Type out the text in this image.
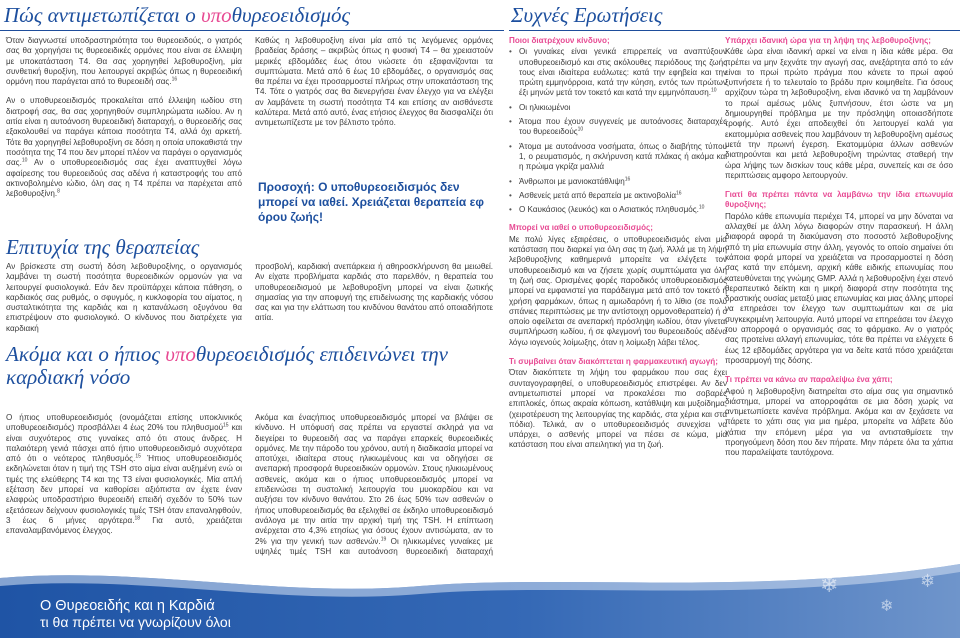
Πώς αντιμετωπίζεται ο υποθυρεοειδισμός

Όταν διαγνωστεί υποδραστηριότητα του θυρεοειδούς, ο γιατρός σας θα χορηγήσει τις θυρεοειδικές ορμόνες που είναι σε έλλειψη με υποκατάσταση T4. Θα σας χορηγηθεί λεβοθυροξίνη, μία συνθετική θυροξίνη, που λειτουργεί ακριβώς όπως η θυρεοειδική ορμόνη που παράγεται από το θυρεοειδή σας.$^{16}$

Αν ο υποθυρεοειδισμός προκαλείται από έλλειψη ιωδίου στη διατροφή σας, θα σας χορηγηθούν συμπληρώματα ιωδίου. Αν η αιτία είναι η αυτοάνοση θυρεοειδική διαταραχή, ο θυρεοειδής σας εξακολουθεί να παράγει κάποια ποσότητα T4, αλλά όχι αρκετή. Τότε θα χορηγηθεί λεβοθυροξίνη σε δόση η οποία υποκαθιστά την ποσότητα της T4 που δεν μπορεί πλέον να παράγει ο οργανισμός σας.$^{10}$ Αν ο υποθυρεοειδισμός σας έχει αναπτυχθεί λόγω αφαίρεσης του θυρεοειδούς σας αδένα ή καταστροφής του από ακτινοβολημένο ιώδιο, όλη σας η T4 πρέπει να παρέχεται από λεβοθυροξίνη.$^8$

Καθώς η λεβοθυροξίνη είναι μία από τις λεγόμενες ορμόνες βραδείας δράσης – ακριβώς όπως η φυσική T4 – θα χρειαστούν μερικές εβδομάδες έως ότου νιώσετε ότι εξαφανίζονται τα συμπτώματα. Μετά από 6 έως 10 εβδομάδες, ο οργανισμός σας θα πρέπει να έχει προσαρμοστεί πλήρως στην υποκατάσταση της T4. Τότε ο γιατρός σας θα διενεργήσει έναν έλεγχο για να ελέγξει αν λαμβάνετε τη σωστή ποσότητα T4 και επίσης αν αισθάνεστε καλύτερα. Μετά από αυτό, ένας ετήσιος έλεγχος θα διασφαλίζει ότι αντιμετωπίζεστε με τον βέλτιστο τρόπο.

Προσοχή: Ο υποθυρεοειδισμός δεν μπορεί να ιαθεί. Χρειάζεται θεραπεία εφ όρου ζωής!
Επιτυχία της θεραπείας

Αν βρίσκεστε στη σωστή δόση λεβοθυροξίνης, ο οργανισμός λαμβάνει τη σωστή ποσότητα θυρεοειδικών ορμονών για να λειτουργεί φυσιολογικά. Εάν δεν προϋπάρχει κάποια πάθηση, ο καρδιακός σας ρυθμός, ο σφυγμός, η κυκλοφορία του αίματος, η συσταλτικότητα της καρδιάς και η κατανάλωση οξυγόνου θα επιστρέψουν στο φυσιολογικό. Ο κίνδυνος που διατρέχετε για καρδιακή

προσβολή, καρδιακή ανεπάρκεια ή αθηροσκλήρυνση θα μειωθεί. Αν είχατε προβλήματα καρδιάς στο παρελθόν, η θεραπεία του υποθυρεοειδισμού με λεβοθυροξίνη μπορεί να είναι ζωτικής σημασίας για την αποφυγή της επιδείνωσης της καρδιακής νόσου σας και για την ελάττωση του κινδύνου θανάτου από οποιαδήποτε αιτία.

Ακόμα και ο ήπιος υποθυρεοειδισμός επιδεινώνει την καρδιακή νόσο

Ο ήπιος υποθυρεοειδισμός (ονομάζεται επίσης υποκλινικός υποθυρεοειδισμός) προσβάλλει 4 έως 20% του πληθυσμού$^{15}$ και είναι συχνότερος στις γυναίκες από ότι στους άνδρες. Η παλαιότερη γενιά πάσχει από ήπιο υποθυρεοειδισμό συχνότερα από ότι ο νεότερος πληθυσμός.$^{15}$ Ήπιος υποθυρεοειδισμός εκδηλώνεται όταν η τιμή της TSH στο αίμα είναι αυξημένη ενώ οι τιμές της ελεύθερης T4 και της T3 είναι φυσιολογικές. Μία απλή εξέταση δεν μπορεί να καθορίσει αξιόπιστα αν έχετε έναν ελαφρώς υποδραστήριο θυρεοειδή επειδή σχεδόν το 50% των εξετάσεων δείχνουν φυσιολογικές τιμές TSH όταν επαναληφθούν, 3 έως 6 μήνες αργότερα.$^{18}$ Για αυτό, χρειάζεται επαναλαμβανόμενος έλεγχος.

Ακόμα και έναςήπιος υποθυρεοειδισμός μπορεί να βλάψει σε κίνδυνο. Η υπόφυσή σας πρέπει να εργαστεί σκληρά για να διεγείρει το θυρεοειδή σας να παράγει επαρκείς θυρεοειδικές ορμόνες. Με την πάροδο του χρόνου, αυτή η διαδικασία μπορεί να αποτύχει, ιδιαίτερα στους ηλικιωμένους και να οδηγήσει σε ανεπαρκή προσφορά θυρεοειδικών ορμονών. Στους ηλικιωμένους ασθενείς, ακόμα και ο ήπιος υποθυρεοειδισμός μπορεί να επιδεινώσει τη συστολική λειτουργία του μυοκαρδίου και να αυξήσει τον κίνδυνο θανάτου. Στο 26 έως 50% των ασθενών ο ήπιος υποθυρεοειδισμός θα εξελιχθεί σε έκδηλο υποθυρεοειδισμό ανάλογα με την αιτία την αρχική τιμή της TSH. Η επίπτωση ανέρχεται στο 4,3% ετησίως για όσους έχουν αντισώματα, αν το 2% για την γενική των ασθενών.$^{19}$ Οι ηλικιωμένες γυναίκες με υψηλές τιμές TSH και αυτοάνοση θυρεοειδική διαταραχή

Συχνές Ερωτήσεις
Ποιοι διατρέχουν κίνδυνο;
• Οι γυναίκες είναι γενικά επιρρεπείς να αναπτύξουν υποθυρεοειδισμό και στις ακόλουθες περιόδους της ζωής τους είναι ιδιαίτερα ευάλωτες: κατά την εφηβεία και την πρώτη εμμηνόρροια, κατά την κύηση, εντός των πρώτων έξι μηνών μετά τον τοκετό και κατά την εμμηνόπαυση.$^{10}$
• Οι ηλικιωμένοι
• Άτομα που έχουν συγγενείς με αυτοάνοσες διαταραχές του θυρεοειδούς$^{10}$
• Άτομα με αυτοάνοσα νοσήματα, όπως ο διαβήτης τύπου 1, ο ρευματισμός, η σκλήρυνση κατά πλάκας ή ακόμα και η πρώιμα γκρίζα μαλλιά
• Άνθρωποι με μανιοκατάθλιψη$^{16}$
• Ασθενείς μετά από θεραπεία με ακτινοβολία$^{16}$
• Ο Καυκάσιος (λευκός) και ο Ασιατικός πληθυσμός.$^{10}$
Μπορεί να ιαθεί ο υποθυρεοειδισμός;

Με πολύ λίγες εξαιρέσεις, ο υποθυρεοειδισμός είναι μία κατάσταση που διαρκεί για όλη σας τη ζωή. Άλλά με τη λήψη λεβοθυροξίνης καθημερινά μπορείτε να ελέγξετε τον υποθυρεοειδισμό και να ζήσετε χωρίς συμπτώματα για όλη τη ζωή σας. Ορισμένες φορές παροδικός υποθυρεοειδισμός μπορεί να εμφανιστεί για παράδειγμα μετά από τον τοκετό ή χρήση φαρμάκων, όπως η αμιωδαρόνη ή το λίθιο (σε πολύ σπάνιες περιπτώσεις με την αντίστοιχη ορμονοθεραπεία) ή ο οποίο οφείλεται σε ανεπαρκή πρόσληψη ιωδίου, όταν γίνεται συμπλήρωση ιωδίου, ή σε φλεγμονή του θυρεοειδούς αδένα λόγω ιογενούς λοίμωξης, όταν η λοίμωξη λάβει τέλος.

Τι συμβαίνει όταν διακόπτεται η φαρμακευτική αγωγή;

Όταν διακόπτετε τη λήψη του φαρμάκου που σας έχει συνταγογραφηθεί, ο υποθυρεοειδισμός επιστρέφει. Αν δεν αντιμετωπιστεί μπορεί να προκαλέσει πιο σοβαρές επιπλοκές, όπως ακραία κόπωση, κατάθλιψη και μυξοίδημα, (χειροτέρευση της λειτουργίας της καρδιάς, στα χέρια και στα πόδια). Τελικά, αν ο υποθυρεοειδισμός συνεχίσει να υπάρχει, ο ασθενής μπορεί να πέσει σε κώμα, μία κατάσταση που είναι απειλητική για τη ζωή.

Υπάρχει ιδανική ώρα για τη λήψη της λεβοθυροξίνης;

Κάθε ώρα είναι ιδανική αρκεί να είναι η ίδια κάθε μέρα. Θα πρέπει να μην ξεχνάτε την αγωγή σας, ανεξάρτητα από το εάν είναι το πρωί πρώτο πράγμα που κάνετε το πρωί αφού ξυπνήσετε ή το τελευταίο το βράδυ πριν κοιμηθείτε. Για όσους αρχίζουν τώρα τη λεβοθυροξίνη, είναι ιδανικό να τη λαμβάνουν το πρωί αμέσως μόλις ξυπνήσουν, έτσι ώστε να μη δημιουργηθεί πρόβλημα με την πρόσληψη οποιασδήποτε τροφής. Αυτό έχει αποδειχθεί ότι λειτουργεί καλά για εκατομμύρια ασθενείς που λαμβάνουν τη λεβοθυροξίνη αμέσως μετά την πρωινή έγερση. Εκατομμύρια άλλων ασθενών διατηρούνται και μετά λεβοθυροξίνη τηρώντας σταθερή την ώρα λήψης των δισκίων τους κάθε μέρα, συνεπείς και σε όσο περιπτώσεις αμφορο λειτουργούν.

Γιατί θα πρέπει πάντα να λαμβάνω την ίδια επωνυμία θυροξίνης;

Παρόλο κάθε επωνυμία περιέχει T4, μπορεί να μην δύναται να αλλαχθεί με άλλη λόγω διαφορών στην παρασκευή. Η άλλη διαφορά αφορά τη διακύμανση στο ποσοστό λεβοθυροξίνης από τη μία επωνυμία στην άλλη, γεγονός το οποίο σημαίνει ότι κάποια φορά μπορεί να χρειάζεται να προσαρμοστεί η δόση σας κατά την επόμενη, αρχική κάθε ειδικής επωνυμίας που κατευθύνεται της γνώμης GMP. Αλλά η λεβοθυροξίνη έχει στενό θεραπευτικό δείκτη και η μικρή διαφορά στην ποσότητα της δραστικής ουσίας μεταξύ μιας επωνυμίας και μιας άλλης μπορεί να επηρεάσει τον έλεγχο των συμπτωμάτων και σε μία συγκεκριμένη λειτουργία. Αυτό μπορεί να επηρεάσει τον έλεγχο του απορροφά ο οργανισμός σας το φάρμακο. Αν ο γιατρός σας προτείνει αλλαγή επωνυμίας, τότε θα πρέπει να ελέγχετε 6 έως 12 εβδομάδες αργότερα για να δείτε κατά πόσο χρειάζεται προσαρμογή της δόσης.

Τι πρέπει να κάνω αν παραλείψω ένα χάπι;

Αφού η λεβοθυροξίνη διατηρείται στο αίμα σας για σημαντικό διάστημα, μπορεί να απορροφάται σε μια δόση χωρίς να αντιμετωπίσετε κανένα πρόβλημα. Ακόμα και αν ξεχάσετε να πάρετε το χάπι σας για μια ημέρα, μπορείτε να λάβετε δύο χάπια την επόμενη μέρα για να αντισταθμίσετε την προηγούμενη δόση που δεν πήρατε. Μην πάρετε όλα τα χάπια που παραλείψατε ταυτόχρονα.

❄
❄
❄
Ο Θυρεοειδής και η Καρδιά
τι θα πρέπει να γνωρίζουν όλοι
